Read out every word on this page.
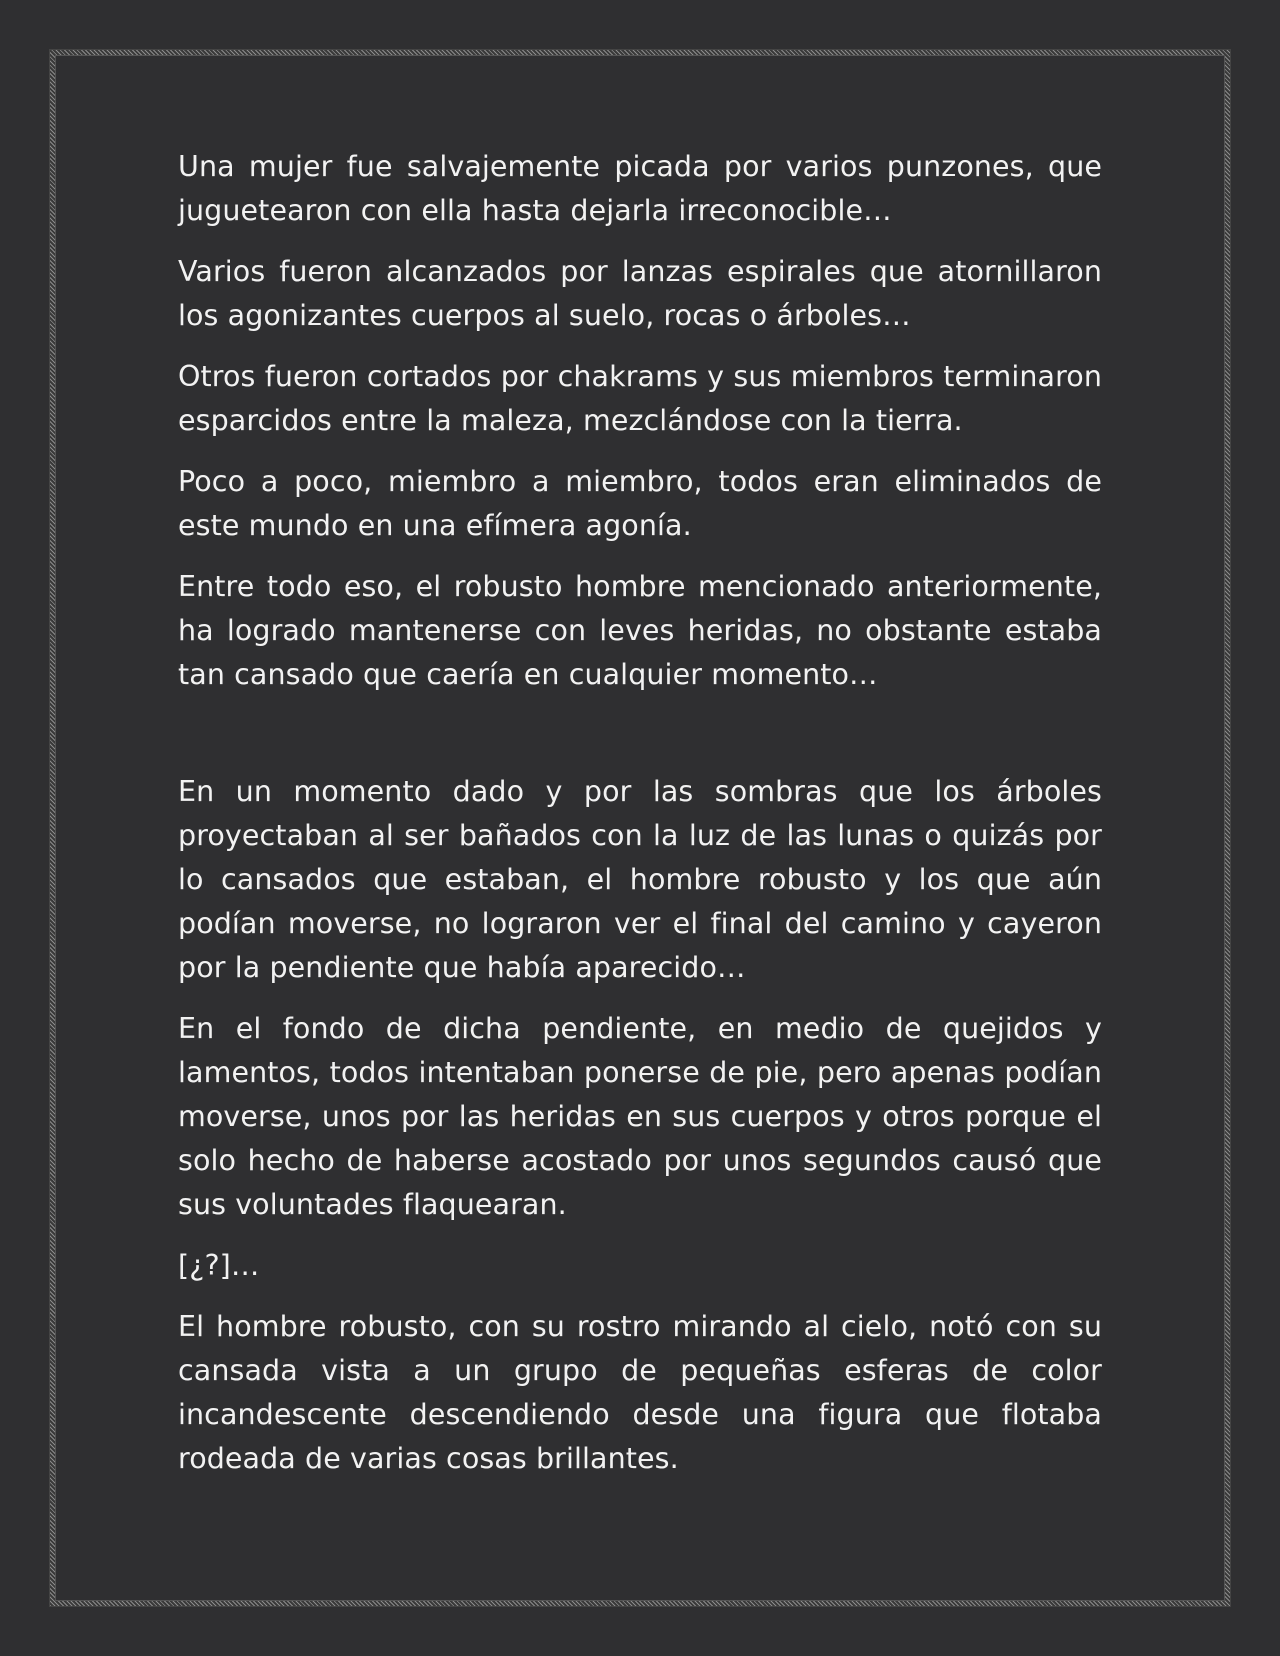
Una mujer fue salvajemente picada por varios punzones, que juguetearon con ella hasta dejarla irreconocible…

Varios fueron alcanzados por lanzas espirales que atornillaron los agonizantes cuerpos al suelo, rocas o árboles…

Otros fueron cortados por chakrams y sus miembros terminaron esparcidos entre la maleza, mezclándose con la tierra.

Poco a poco, miembro a miembro, todos eran eliminados de este mundo en una efímera agonía.

Entre todo eso, el robusto hombre mencionado anteriormente, ha logrado mantenerse con leves heridas, no obstante estaba tan cansado que caería en cualquier momento…

En un momento dado y por las sombras que los árboles proyectaban al ser bañados con la luz de las lunas o quizás por lo cansados que estaban, el hombre robusto y los que aún podían moverse, no lograron ver el final del camino y cayeron por la pendiente que había aparecido…

En el fondo de dicha pendiente, en medio de quejidos y lamentos, todos intentaban ponerse de pie, pero apenas podían moverse, unos por las heridas en sus cuerpos y otros porque el solo hecho de haberse acostado por unos segundos causó que sus voluntades flaquearan.

[¿?]…

El hombre robusto, con su rostro mirando al cielo, notó con su cansada vista a un grupo de pequeñas esferas de color incandescente descendiendo desde una figura que flotaba rodeada de varias cosas brillantes.
